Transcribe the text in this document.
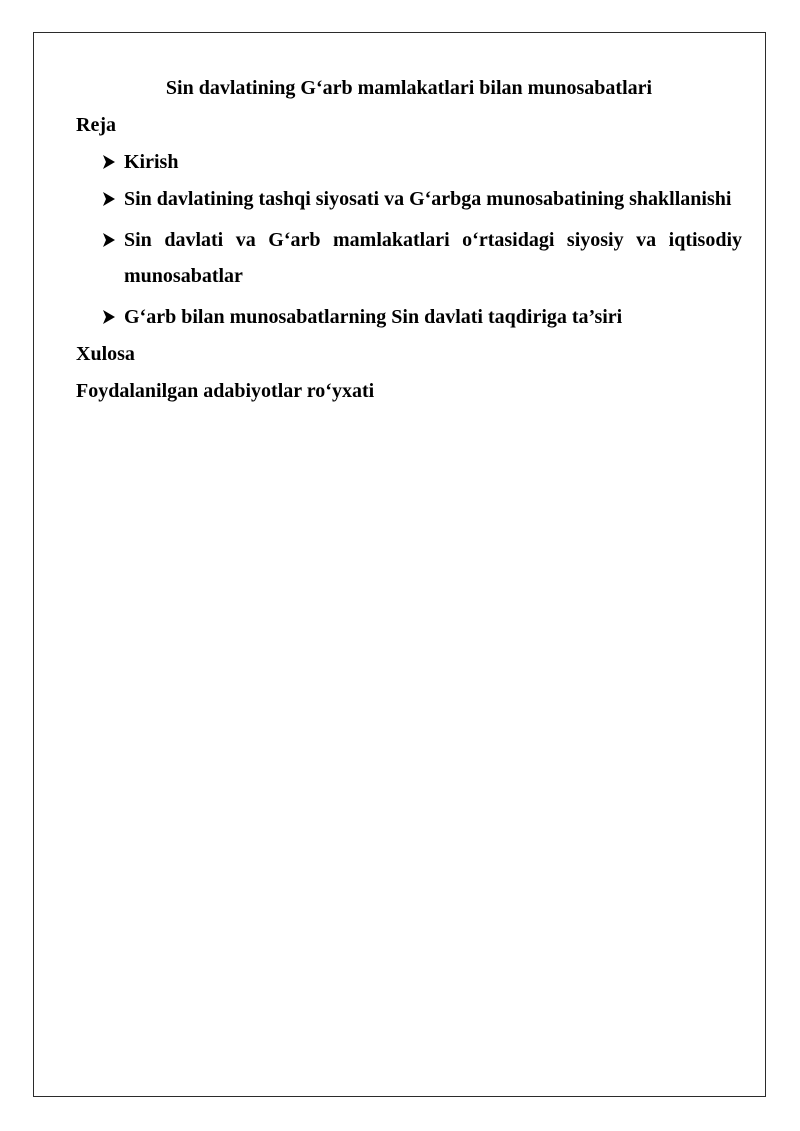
Sin davlatining G‘arb mamlakatlari bilan munosabatlari

Reja

Kirish
Sin davlatining tashqi siyosati va G‘arbga munosabatining shakllanishi
Sin davlati va G‘arb mamlakatlari o‘rtasidagi siyosiy va iqtisodiy munosabatlar
G‘arb bilan munosabatlarning Sin davlati taqdiriga ta’siri

Xulosa

Foydalanilgan adabiyotlar ro‘yxati
